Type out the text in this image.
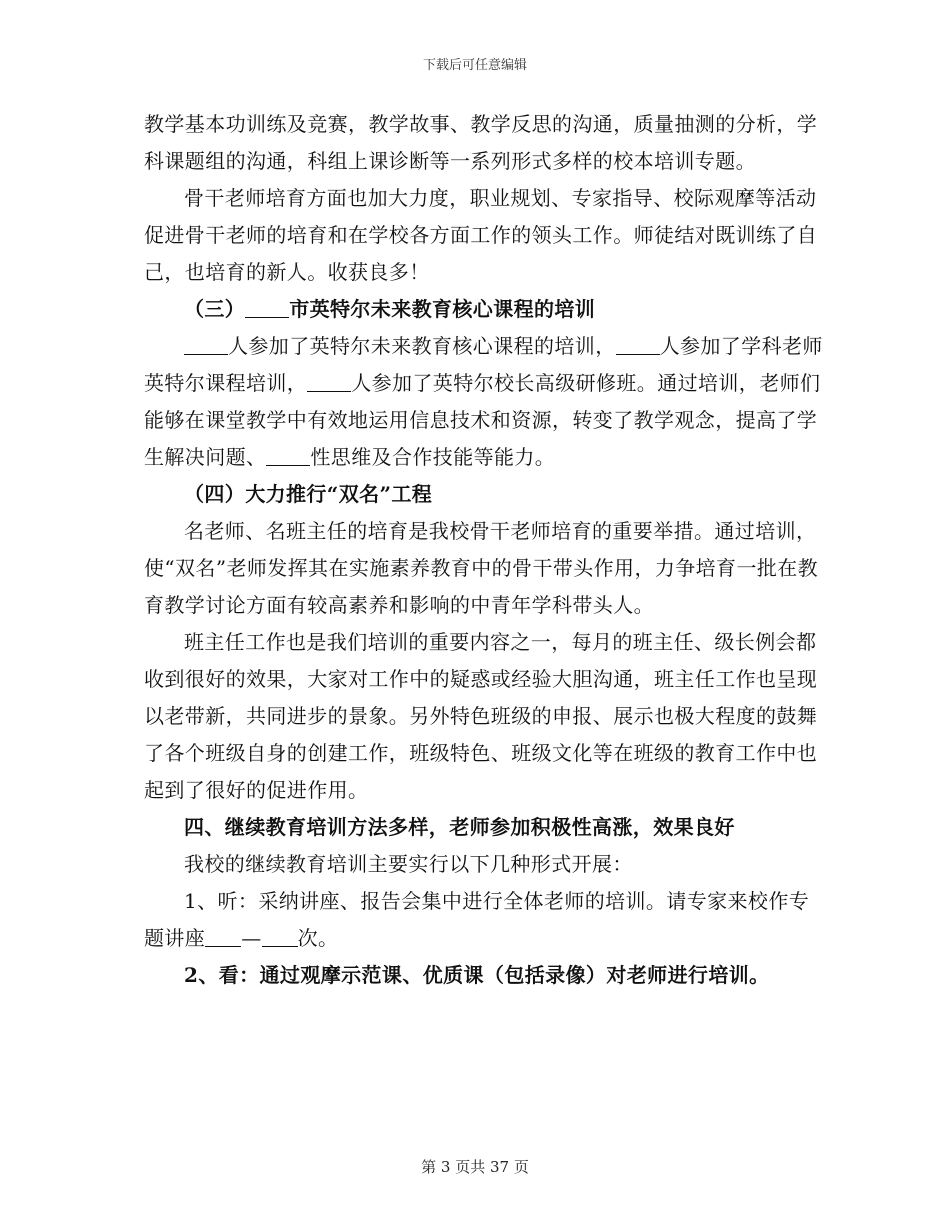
下载后可任意编辑

教学基本功训练及竞赛，教学故事、教学反思的沟通，质量抽测的分析，学科课题组的沟通，科组上课诊断等一系列形式多样的校本培训专题。

骨干老师培育方面也加大力度，职业规划、专家指导、校际观摩等活动促进骨干老师的培育和在学校各方面工作的领头工作。师徒结对既训练了自己，也培育的新人。收获良多！

（三） 市英特尔未来教育核心课程的培训

人参加了英特尔未来教育核心课程的培训， 人参加了学科老师英特尔课程培训， 人参加了英特尔校长高级研修班。通过培训，老师们能够在课堂教学中有效地运用信息技术和资源，转变了教学观念，提高了学生解决问题、 性思维及合作技能等能力。

（四）大力推行“双名”工程

名老师、名班主任的培育是我校骨干老师培育的重要举措。通过培训，使“双名”老师发挥其在实施素养教育中的骨干带头作用，力争培育一批在教育教学讨论方面有较高素养和影响的中青年学科带头人。

班主任工作也是我们培训的重要内容之一，每月的班主任、级长例会都收到很好的效果，大家对工作中的疑惑或经验大胆沟通，班主任工作也呈现以老带新，共同进步的景象。另外特色班级的申报、展示也极大程度的鼓舞了各个班级自身的创建工作，班级特色、班级文化等在班级的教育工作中也起到了很好的促进作用。

四、继续教育培训方法多样，老师参加积极性高涨，效果良好

我校的继续教育培训主要实行以下几种形式开展：

1、听：采纳讲座、报告会集中进行全体老师的培训。请专家来校作专题讲座 — 次。

2、看：通过观摩示范课、优质课（包括录像）对老师进行培训。

第 3 页共 37 页
